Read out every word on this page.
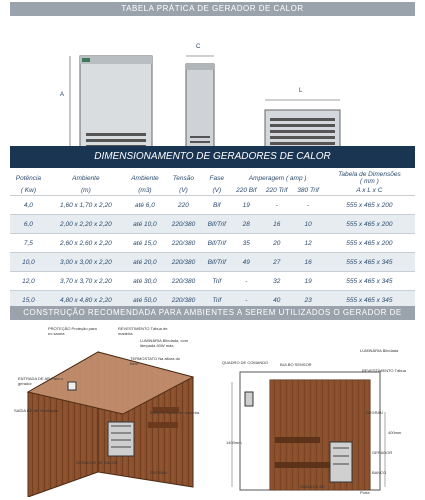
TABELA PRÁTICA DE GERADOR DE CALOR
A
C
L
DIMENSIONAMENTO DE GERADORES DE CALOR
Potência	Ambiente	Ambiente	Tensão	Fase	Amperagem ( amp )			Tabela de Dimensões
( mm )
( Kw)	(m)	(m3)	(V)	(V)	220 Bif	220 Trif	380 Trif	A x L x C
4,0	1,60 x 1,70 x 2,20	até 6,0	220	Bif	19	-	-	555 x 465 x 200
6,0	2,00 x 2,20 x 2,20	até 10,0	220/380	Bif/Trif	28	16	10	555 x 465 x 200
7,5	2,60 x 2,60 x 2,20	até 15,0	220/380	Bif/Trif	35	20	12	555 x 465 x 200
10,0	3,00 x 3,00 x 2,20	até 20,0	220/380	Bif/Trif	49	27	16	555 x 465 x 345
12,0	3,70 x 3,70 x 2,20	até 30,0	220/380	Trif	-	32	19	555 x 465 x 345
15,0	4,80 x 4,80 x 2,20	até 50,0	220/380	Trif	-	40	23	555 x 465 x 345
CONSTRUÇÃO RECOMENDADA PARA AMBIENTES A SEREM UTILIZADOS O GERADOR DE CALOR
PROTEÇÃO Proteção para no sauna
REVESTIMENTO Tábua de madeira
LUMINÁRIA Blindada, com lâmpada 40W máx.
TERMOSTATO Na altura do forro
ENTRADA DE AR Para o gerador
SAÍDA DE AR Ventilação	BANCO Ripado de madeira
GERADOR DE CALOR
DEGRAU
QUADRO DE COMANDO	BULBO SENSOR
LUMINÁRIA Blindada
REVESTIMENTO Tábua
DEGRAU
GERADOR
BANCO
SAÍDA DE AR
1400mm
400mm
Porta
